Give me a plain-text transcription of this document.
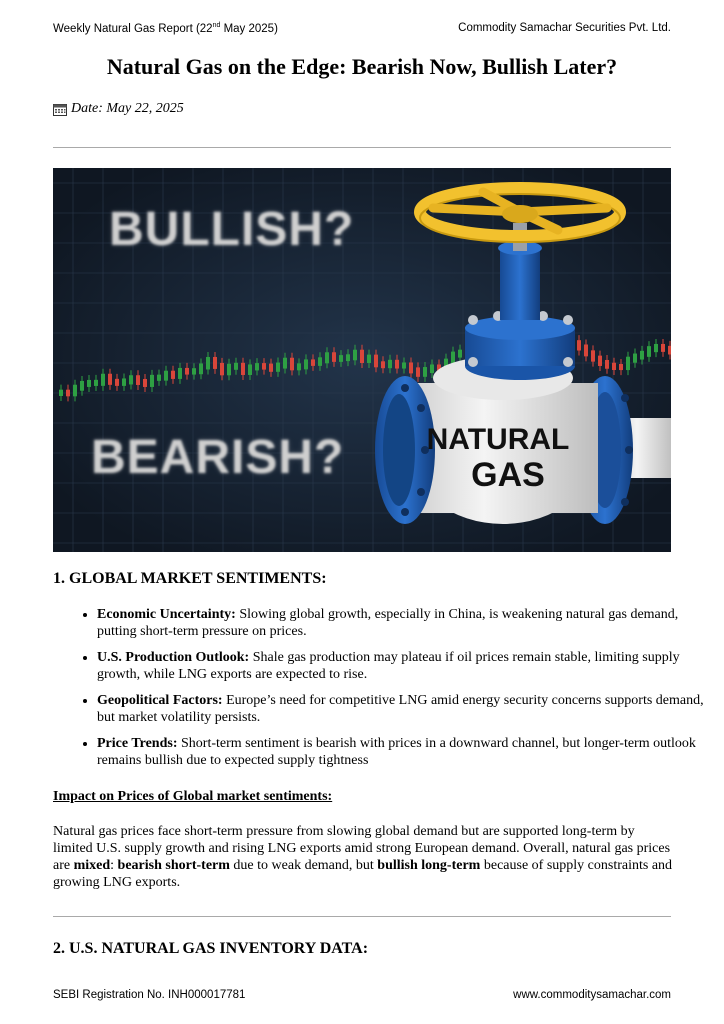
Weekly Natural Gas Report (22nd May 2025)	Commodity Samachar Securities Pvt. Ltd.
Natural Gas on the Edge: Bearish Now, Bullish Later?
Date: May 22, 2025
NATURAL
GAS
BULLISH?
BEARISH?
1. GLOBAL MARKET SENTIMENTS:
• Economic Uncertainty: Slowing global growth, especially in China, is weakening natural gas demand, putting short-term pressure on prices.
• U.S. Production Outlook: Shale gas production may plateau if oil prices remain stable, limiting supply growth, while LNG exports are expected to rise.
• Geopolitical Factors: Europe’s need for competitive LNG amid energy security concerns supports demand, but market volatility persists.
• Price Trends: Short-term sentiment is bearish with prices in a downward channel, but longer-term outlook remains bullish due to expected supply tightness

Impact on Prices of Global market sentiments:

Natural gas prices face short-term pressure from slowing global demand but are supported long-term by limited U.S. supply growth and rising LNG exports amid strong European demand. Overall, natural gas prices are mixed: bearish short-term due to weak demand, but bullish long-term because of supply constraints and growing LNG exports.

2. U.S. NATURAL GAS INVENTORY DATA:
SEBI Registration No. INH000017781	www.commoditysamachar.com
